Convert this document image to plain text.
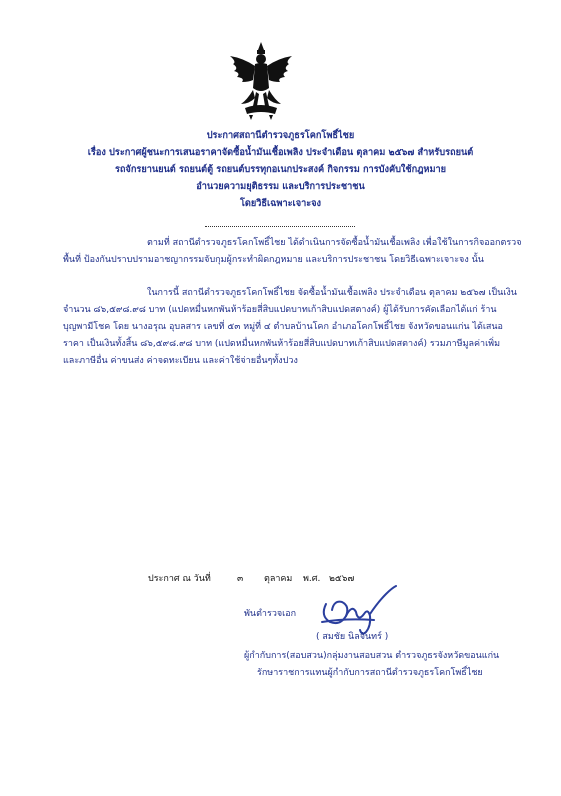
ประกาศสถานีตำรวจภูธรโคกโพธิ์ไชย
เรื่อง ประกาศผู้ชนะการเสนอราคาจัดซื้อน้ำมันเชื้อเพลิง ประจำเดือน ตุลาคม ๒๕๖๗ สำหรับรถยนต์
รถจักรยานยนต์ รถยนต์ตู้ รถยนต์บรรทุกอเนกประสงค์ กิจกรรม การบังคับใช้กฎหมาย
อำนวยความยุติธรรม และบริการประชาชน
โดยวิธีเฉพาะเจาะจง
ตามที่ สถานีตำรวจภูธรโคกโพธิ์ไชย ได้ดำเนินการจัดซื้อน้ำมันเชื้อเพลิง เพื่อใช้ในการกิจออกตรวจ
พื้นที่ ป้องกันปราบปรามอาชญากรรมจับกุมผู้กระทำผิดกฎหมาย และบริการประชาชน โดยวิธีเฉพาะเจาะจง นั้น
ในการนี้ สถานีตำรวจภูธรโคกโพธิ์ไชย จัดซื้อน้ำมันเชื้อเพลิง ประจำเดือน ตุลาคม ๒๕๖๗ เป็นเงิน
จำนวน ๘๖,๕๙๘.๙๘ บาท (แปดหมื่นหกพันห้าร้อยสี่สิบแปดบาทเก้าสิบแปดสตางค์) ผู้ได้รับการคัดเลือกได้แก่ ร้าน
บุญพามีโชค โดย นางอรุณ อุบลสาร เลขที่ ๕๓ หมู่ที่ ๔ ตำบลบ้านโคก อำเภอโคกโพธิ์ไชย จังหวัดขอนแก่น ได้เสนอ
ราคา เป็นเงินทั้งสิ้น ๘๖,๕๙๘.๙๘ บาท (แปดหมื่นหกพันห้าร้อยสี่สิบแปดบาทเก้าสิบแปดสตางค์) รวมภาษีมูลค่าเพิ่ม
และภาษีอื่น ค่าขนส่ง ค่าจดทะเบียน และค่าใช้จ่ายอื่นๆทั้งปวง
ประกาศ ณ วันที่	๓ ตุลาคม พ.ศ. ๒๕๖๗
พันตำรวจเอก
( สมชัย นิลจันทร์ )
ผู้กำกับการ(สอบสวน)กลุ่มงานสอบสวน ตำรวจภูธรจังหวัดขอนแก่น
รักษาราชการแทนผู้กำกับการสถานีตำรวจภูธรโคกโพธิ์ไชย
